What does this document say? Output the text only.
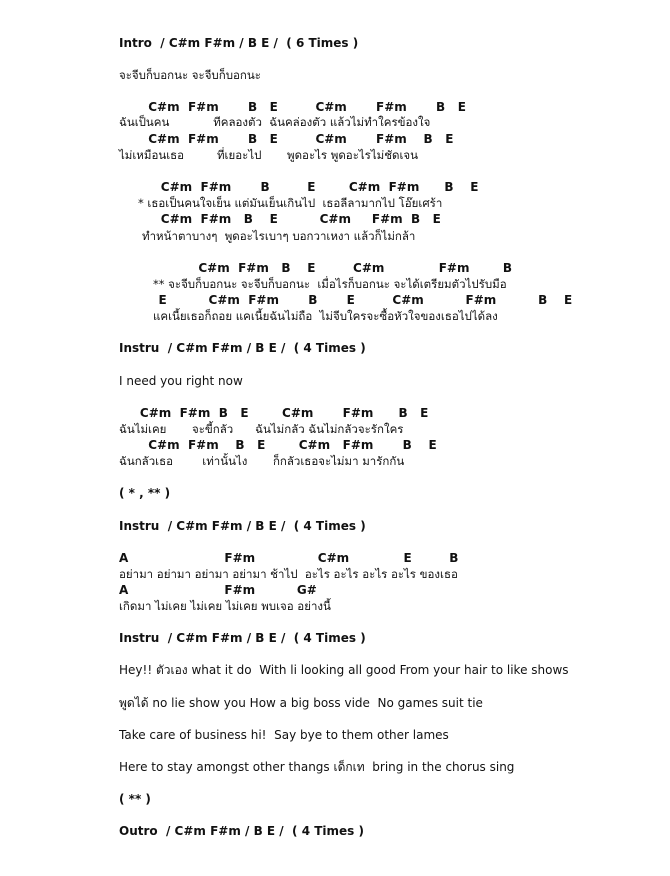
Intro  / C#m F#m / B E /  ( 6 Times )
จะจีบก็บอกนะ จะจีบก็บอกนะ
C#m  F#m       B   E         C#m       F#m       B   E
ฉันเป็นคน            ทีคลองตัว  ฉันคล่องตัว แล้วไม่ทำใครข้องใจ
C#m  F#m       B   E         C#m       F#m    B   E
ไม่เหมือนเธอ         ที่เยอะไป       พูดอะไร พูดอะไรไม่ชัดเจน
C#m  F#m       B         E        C#m  F#m      B    E
* เธอเป็นคนใจเย็น แต่มันเย็นเกินไป  เธอลีลามากไป โอ๊ยเศร้า
C#m  F#m   B    E          C#m     F#m  B   E
ทำหน้าตาบางๆ  พูดอะไรเบาๆ บอกวาเหงา แล้วก็ไม่กล้า
C#m  F#m   B    E         C#m             F#m        B
** จะจีบก็บอกนะ จะจีบก็บอกนะ  เมื่อไรก็บอกนะ จะได้เตรียมตัวไปรับมือ
E          C#m  F#m       B       E         C#m          F#m          B    E
แคเนี้ยเธอก็ถอย แคเนี้ยฉันไม่ถือ  ไม่จีบใครจะซื้อหัวใจของเธอไปได้ลง
Instru  / C#m F#m / B E /  ( 4 Times )
I need you right now
C#m  F#m  B   E        C#m       F#m      B   E
ฉันไม่เคย       จะขี้กลัว      ฉันไม่กลัว ฉันไม่กลัวจะรักใคร
C#m  F#m    B   E        C#m   F#m       B    E
ฉันกลัวเธอ        เท่านั้นไง       ก็กลัวเธอจะไม่มา มารักกัน
( * , ** )
Instru  / C#m F#m / B E /  ( 4 Times )
A                       F#m               C#m             E         B
อย่ามา อย่ามา อย่ามา อย่ามา ช้าไป  อะไร อะไร อะไร อะไร ของเธอ
A                       F#m          G#
เกิดมา ไม่เคย ไม่เคย ไม่เคย พบเจอ อย่างนี้
Instru  / C#m F#m / B E /  ( 4 Times )
Hey!! ตัวเอง what it do  With li looking all good From your hair to like shows
พูดได้ no lie show you How a big boss vide  No games suit tie
Take care of business hi!  Say bye to them other lames
Here to stay amongst other thangs เด็กเท  bring in the chorus sing
( ** )
Outro  / C#m F#m / B E /  ( 4 Times )
